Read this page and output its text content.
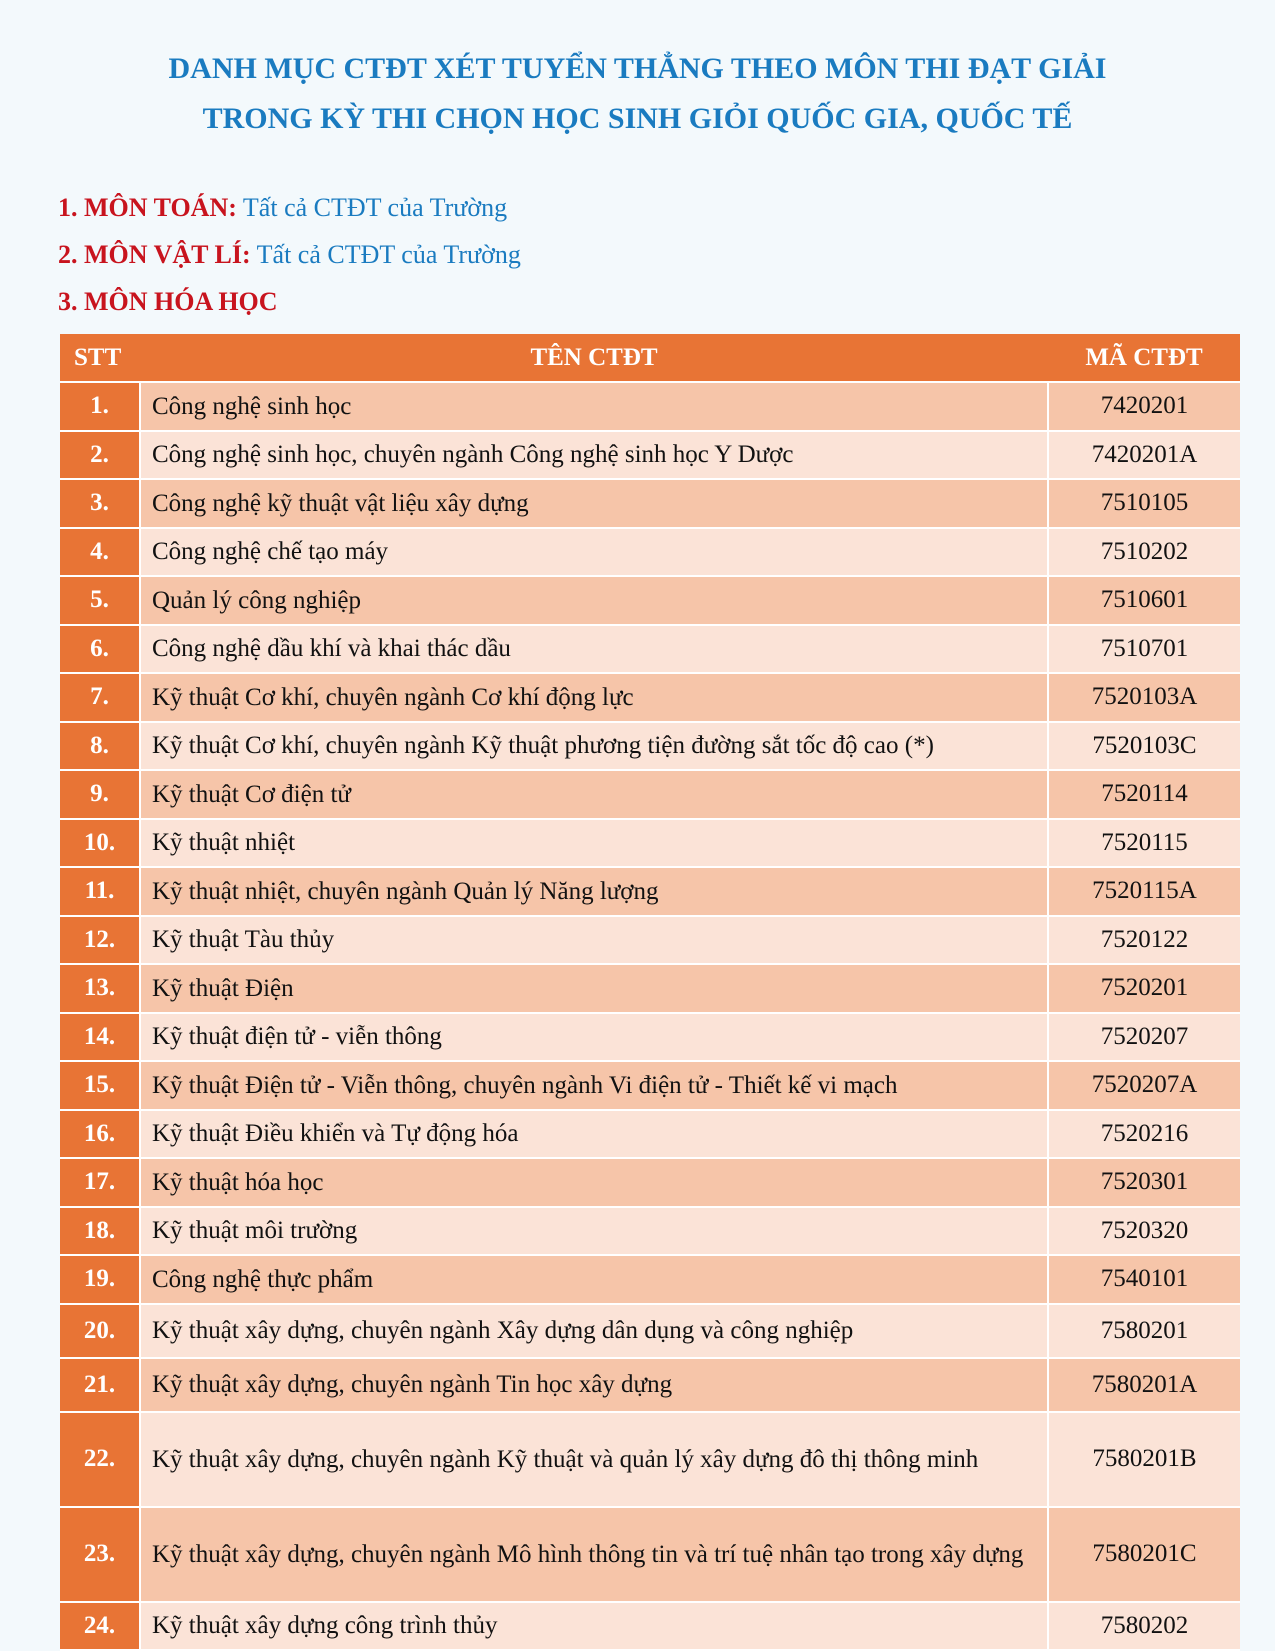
DANH MỤC CTĐT XÉT TUYỂN THẲNG THEO MÔN THI ĐẠT GIẢI
TRONG KỲ THI CHỌN HỌC SINH GIỎI QUỐC GIA, QUỐC TẾ
1. MÔN TOÁN: Tất cả CTĐT của Trường
2. MÔN VẬT LÍ: Tất cả CTĐT của Trường
3. MÔN HÓA HỌC
STT	TÊN CTĐT	MÃ CTĐT
1.	Công nghệ sinh học	7420201
2.	Công nghệ sinh học, chuyên ngành Công nghệ sinh học Y Dược	7420201A
3.	Công nghệ kỹ thuật vật liệu xây dựng	7510105
4.	Công nghệ chế tạo máy	7510202
5.	Quản lý công nghiệp	7510601
6.	Công nghệ dầu khí và khai thác dầu	7510701
7.	Kỹ thuật Cơ khí, chuyên ngành Cơ khí động lực	7520103A
8.	Kỹ thuật Cơ khí, chuyên ngành Kỹ thuật phương tiện đường sắt tốc độ cao (*)	7520103C
9.	Kỹ thuật Cơ điện tử	7520114
10.	Kỹ thuật nhiệt	7520115
11.	Kỹ thuật nhiệt, chuyên ngành Quản lý Năng lượng	7520115A
12.	Kỹ thuật Tàu thủy	7520122
13.	Kỹ thuật Điện	7520201
14.	Kỹ thuật điện tử - viễn thông	7520207
15.	Kỹ thuật Điện tử - Viễn thông, chuyên ngành Vi điện tử - Thiết kế vi mạch	7520207A
16.	Kỹ thuật Điều khiển và Tự động hóa	7520216
17.	Kỹ thuật hóa học	7520301
18.	Kỹ thuật môi trường	7520320
19.	Công nghệ thực phẩm	7540101
20.	Kỹ thuật xây dựng, chuyên ngành Xây dựng dân dụng và công nghiệp	7580201
21.	Kỹ thuật xây dựng, chuyên ngành Tin học xây dựng	7580201A
22.	Kỹ thuật xây dựng, chuyên ngành Kỹ thuật và quản lý xây dựng đô thị thông minh	7580201B
23.	Kỹ thuật xây dựng, chuyên ngành Mô hình thông tin và trí tuệ nhân tạo trong xây dựng	7580201C
24.	Kỹ thuật xây dựng công trình thủy	7580202
